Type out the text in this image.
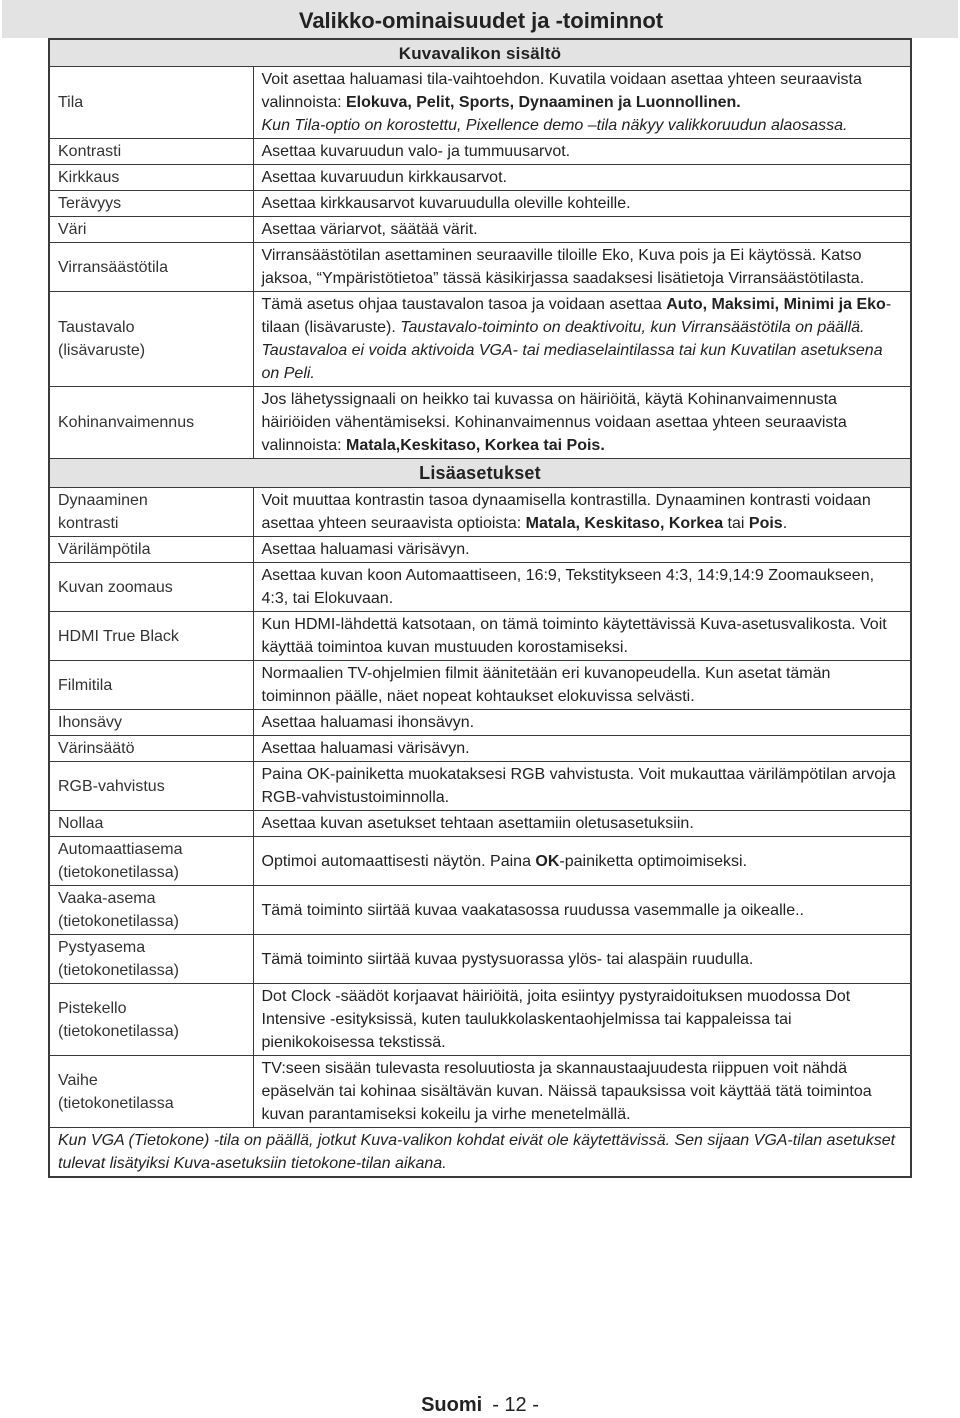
Valikko-ominaisuudet ja -toiminnot
Kuvavalikon sisältö	
Tila	Voit asettaa haluamasi tila-vaihtoehdon. Kuvatila voidaan asettaa yhteen seuraavista valinnoista: Elokuva, Pelit, Sports, Dynaaminen ja Luonnollinen.
Kun Tila-optio on korostettu, Pixellence demo –tila näkyy valikkoruudun alaosassa.
Kontrasti	Asettaa kuvaruudun valo- ja tummuusarvot.
Kirkkaus	Asettaa kuvaruudun kirkkausarvot.
Terävyys	Asettaa kirkkausarvot kuvaruudulla oleville kohteille.
Väri	Asettaa väriarvot, säätää värit.
Virransäästötila	Virransäästötilan asettaminen seuraaville tiloille Eko, Kuva pois ja Ei käytössä. Katso jaksoa, “Ympäristötietoa” tässä käsikirjassa saadaksesi lisätietoja Virransäästötilasta.
Taustavalo
(lisävaruste)	Tämä asetus ohjaa taustavalon tasoa ja voidaan asettaa Auto, Maksimi, Minimi ja Eko-tilaan (lisävaruste). Taustavalo-toiminto on deaktivoitu, kun Virransäästötila on päällä. Taustavaloa ei voida aktivoida VGA- tai mediaselaintilassa tai kun Kuvatilan asetuksena on Peli.
Kohinanvaimennus	Jos lähetyssignaali on heikko tai kuvassa on häiriöitä, käytä Kohinanvaimennusta häiriöiden vähentämiseksi. Kohinanvaimennus voidaan asettaa yhteen seuraavista valinnoista: Matala,Keskitaso, Korkea tai Pois.
Lisäasetukset	
Dynaaminen
kontrasti	Voit muuttaa kontrastin tasoa dynaamisella kontrastilla. Dynaaminen kontrasti voidaan asettaa yhteen seuraavista optioista: Matala, Keskitaso, Korkea tai Pois.
Värilämpötila	Asettaa haluamasi värisävyn.
Kuvan zoomaus	Asettaa kuvan koon Automaattiseen, 16:9, Tekstitykseen 4:3, 14:9,14:9 Zoomaukseen, 4:3, tai Elokuvaan.
HDMI True Black	Kun HDMI-lähdettä katsotaan, on tämä toiminto käytettävissä Kuva-asetusvalikosta. Voit käyttää toimintoa kuvan mustuuden korostamiseksi.
Filmitila	Normaalien TV-ohjelmien filmit äänitetään eri kuvanopeudella. Kun asetat tämän toiminnon päälle, näet nopeat kohtaukset elokuvissa selvästi.
Ihonsävy	Asettaa haluamasi ihonsävyn.
Värinsäätö	Asettaa haluamasi värisävyn.
RGB-vahvistus	Paina OK-painiketta muokataksesi RGB vahvistusta. Voit mukauttaa värilämpötilan arvoja RGB-vahvistustoiminnolla.
Nollaa	Asettaa kuvan asetukset tehtaan asettamiin oletusasetuksiin.
Automaattiasema
(tietokonetilassa)	Optimoi automaattisesti näytön. Paina OK-painiketta optimoimiseksi.
Vaaka-asema
(tietokonetilassa)	Tämä toiminto siirtää kuvaa vaakatasossa ruudussa vasemmalle ja oikealle..
Pystyasema
(tietokonetilassa)	Tämä toiminto siirtää kuvaa pystysuorassa ylös- tai alaspäin ruudulla.
Pistekello
(tietokonetilassa)	Dot Clock -säädöt korjaavat häiriöitä, joita esiintyy pystyraidoituksen muodossa Dot Intensive -esityksissä, kuten taulukkolaskentaohjelmissa tai kappaleissa tai pienikokoisessa tekstissä.
Vaihe
(tietokonetilassa	TV:seen sisään tulevasta resoluutiosta ja skannaustaajuudesta riippuen voit nähdä epäselvän tai kohinaa sisältävän kuvan. Näissä tapauksissa voit käyttää tätä toimintoa kuvan parantamiseksi kokeilu ja virhe menetelmällä.
Kun VGA (Tietokone) -tila on päällä, jotkut Kuva-valikon kohdat eivät ole käytettävissä. Sen sijaan VGA-tilan asetukset tulevat lisätyiksi Kuva-asetuksiin tietokone-tilan aikana.	
Suomi - 12 -
